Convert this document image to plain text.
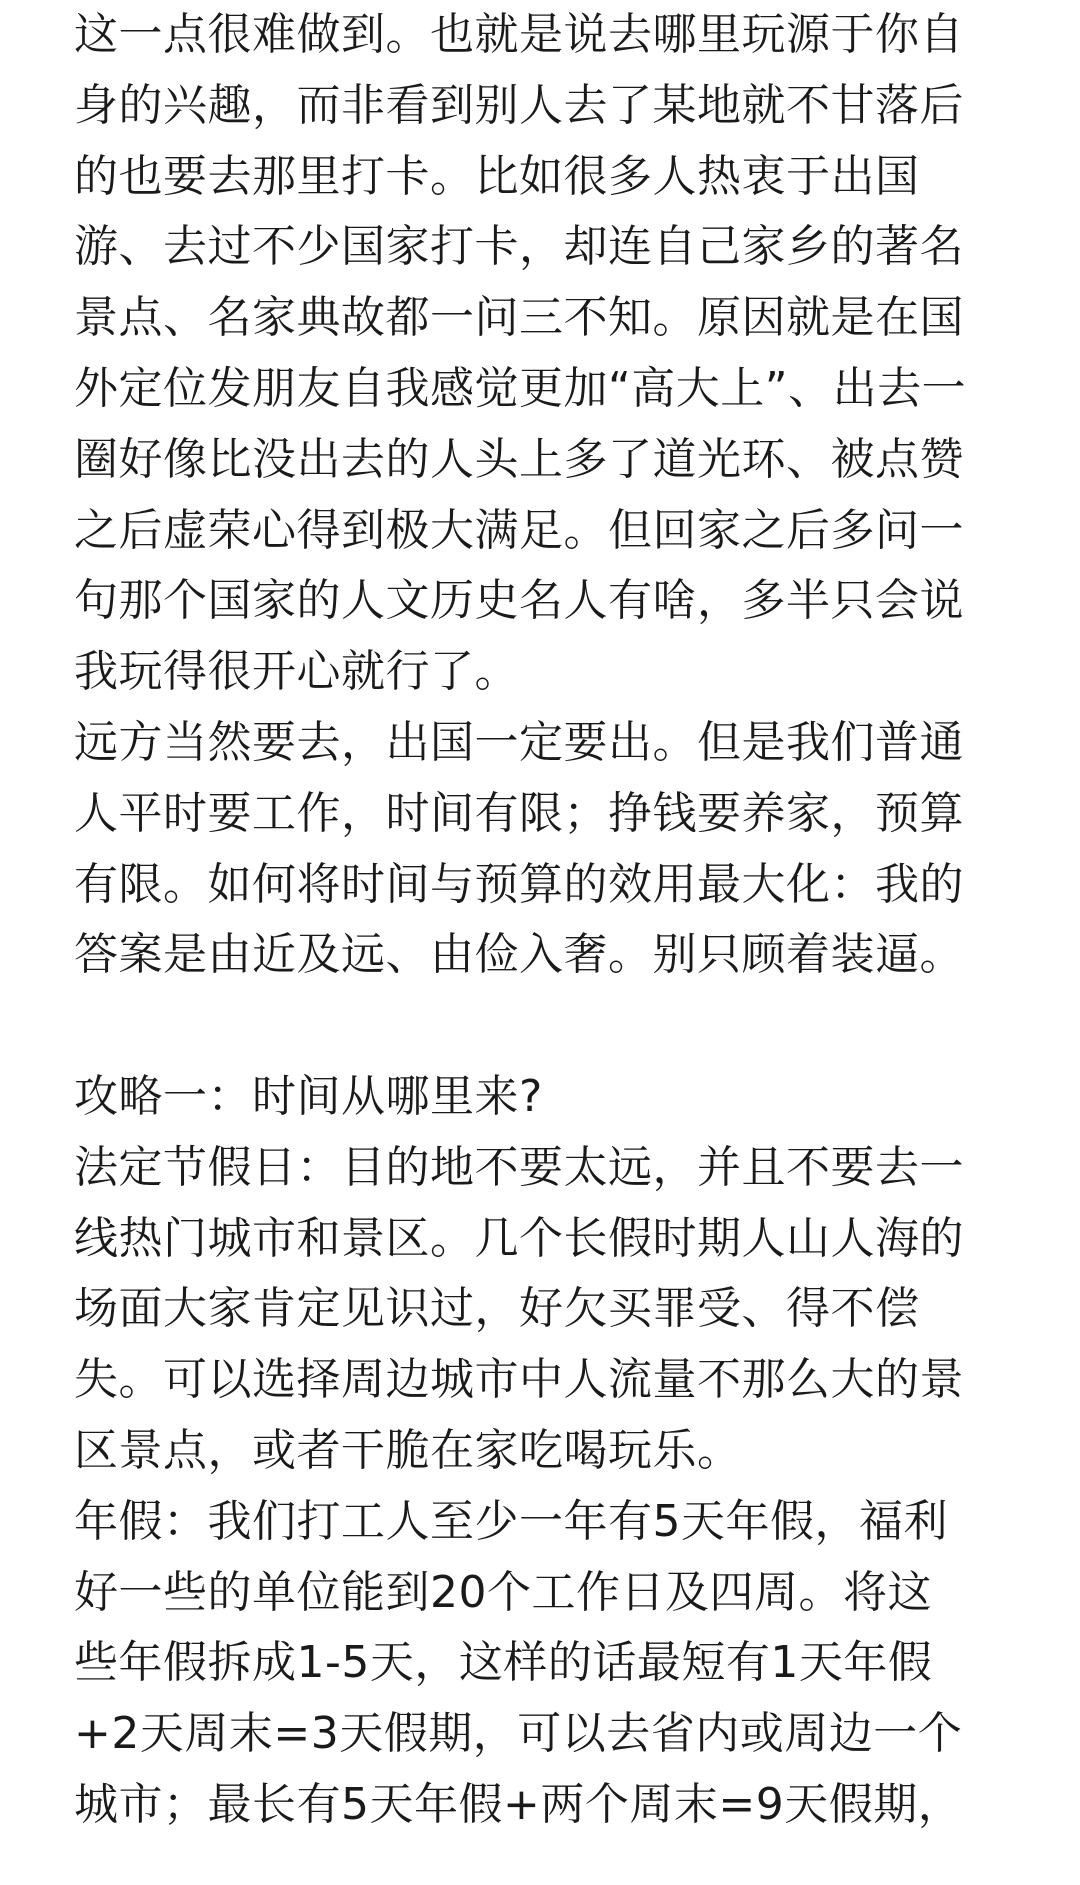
这一点很难做到。也就是说去哪里玩源于你自
身的兴趣，而非看到别人去了某地就不甘落后
的也要去那里打卡。比如很多人热衷于出国
游、去过不少国家打卡，却连自己家乡的著名
景点、名家典故都一问三不知。原因就是在国
外定位发朋友自我感觉更加“高大上”、出去一
圈好像比没出去的人头上多了道光环、被点赞
之后虚荣心得到极大满足。但回家之后多问一
句那个国家的人文历史名人有啥，多半只会说
我玩得很开心就行了。
远方当然要去，出国一定要出。但是我们普通
人平时要工作，时间有限；挣钱要养家，预算
有限。如何将时间与预算的效用最大化：我的
答案是由近及远、由俭入奢。别只顾着装逼。
攻略一：时间从哪里来?
法定节假日：目的地不要太远，并且不要去一
线热门城市和景区。几个长假时期人山人海的
场面大家肯定见识过，好欠买罪受、得不偿
失。可以选择周边城市中人流量不那么大的景
区景点，或者干脆在家吃喝玩乐。
年假：我们打工人至少一年有5天年假，福利
好一些的单位能到20个工作日及四周。将这
些年假拆成1-5天，这样的话最短有1天年假
+2天周末=3天假期，可以去省内或周边一个
城市；最长有5天年假+两个周末=9天假期，
